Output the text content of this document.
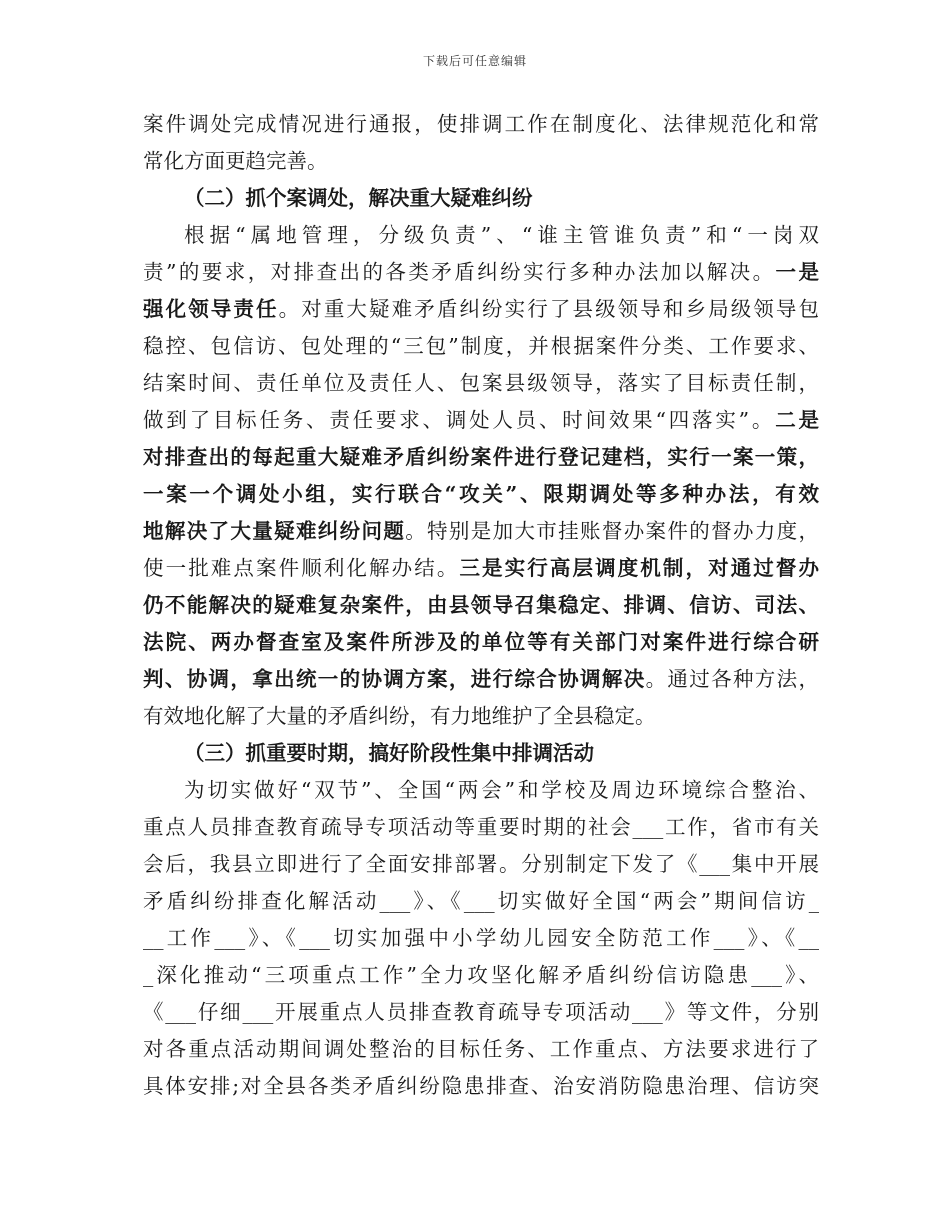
下载后可任意编辑
案件调处完成情况进行通报，使排调工作在制度化、法律规范化和常
常化方面更趋完善。
（二）抓个案调处，解决重大疑难纠纷
根据“属地管理，分级负责”、“谁主管谁负责”和“一岗双
责”的要求，对排查出的各类矛盾纠纷实行多种办法加以解决。一是
强化领导责任。对重大疑难矛盾纠纷实行了县级领导和乡局级领导包
稳控、包信访、包处理的“三包”制度，并根据案件分类、工作要求、
结案时间、责任单位及责任人、包案县级领导，落实了目标责任制，
做到了目标任务、责任要求、调处人员、时间效果“四落实”。二是
对排查出的每起重大疑难矛盾纠纷案件进行登记建档，实行一案一策，
一案一个调处小组，实行联合“攻关”、限期调处等多种办法，有效
地解决了大量疑难纠纷问题。特别是加大市挂账督办案件的督办力度，
使一批难点案件顺利化解办结。三是实行高层调度机制，对通过督办
仍不能解决的疑难复杂案件，由县领导召集稳定、排调、信访、司法、
法院、两办督查室及案件所涉及的单位等有关部门对案件进行综合研
判、协调，拿出统一的协调方案，进行综合协调解决。通过各种方法，
有效地化解了大量的矛盾纠纷，有力地维护了全县稳定。
（三）抓重要时期，搞好阶段性集中排调活动
为切实做好“双节”、全国“两会”和学校及周边环境综合整治、
重点人员排查教育疏导专项活动等重要时期的社会___工作，省市有关
会后，我县立即进行了全面安排部署。分别制定下发了《___集中开展
矛盾纠纷排查化解活动___》、《___切实做好全国“两会”期间信访_
__工作___》、《___切实加强中小学幼儿园安全防范工作___》、《__
_深化推动“三项重点工作”全力攻坚化解矛盾纠纷信访隐患___》、
《___仔细___开展重点人员排查教育疏导专项活动___》等文件，分别
对各重点活动期间调处整治的目标任务、工作重点、方法要求进行了
具体安排;对全县各类矛盾纠纷隐患排查、治安消防隐患治理、信访突
